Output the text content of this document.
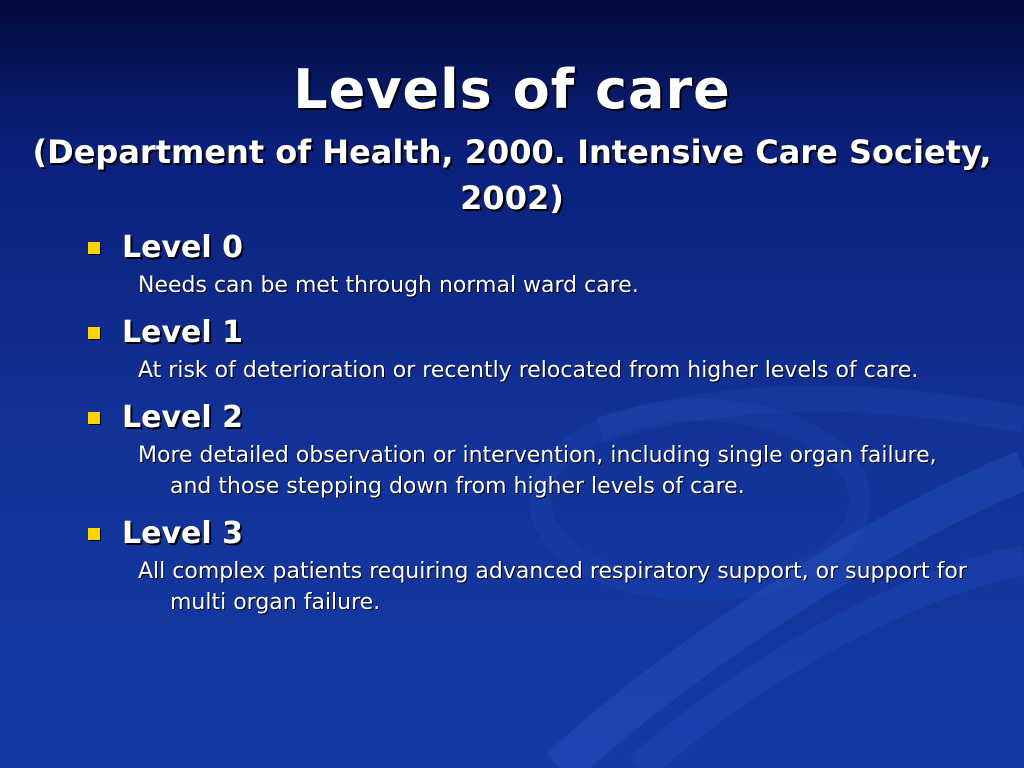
Levels of care
(Department of Health, 2000. Intensive Care Society, 2002)
Level 0
Needs can be met through normal ward care.
Level 1
At risk of deterioration or recently relocated from higher levels of care.
Level 2
More detailed observation or intervention, including single organ failure, and those stepping down from higher levels of care.
Level 3
All complex patients requiring advanced respiratory support, or support for multi organ failure.
